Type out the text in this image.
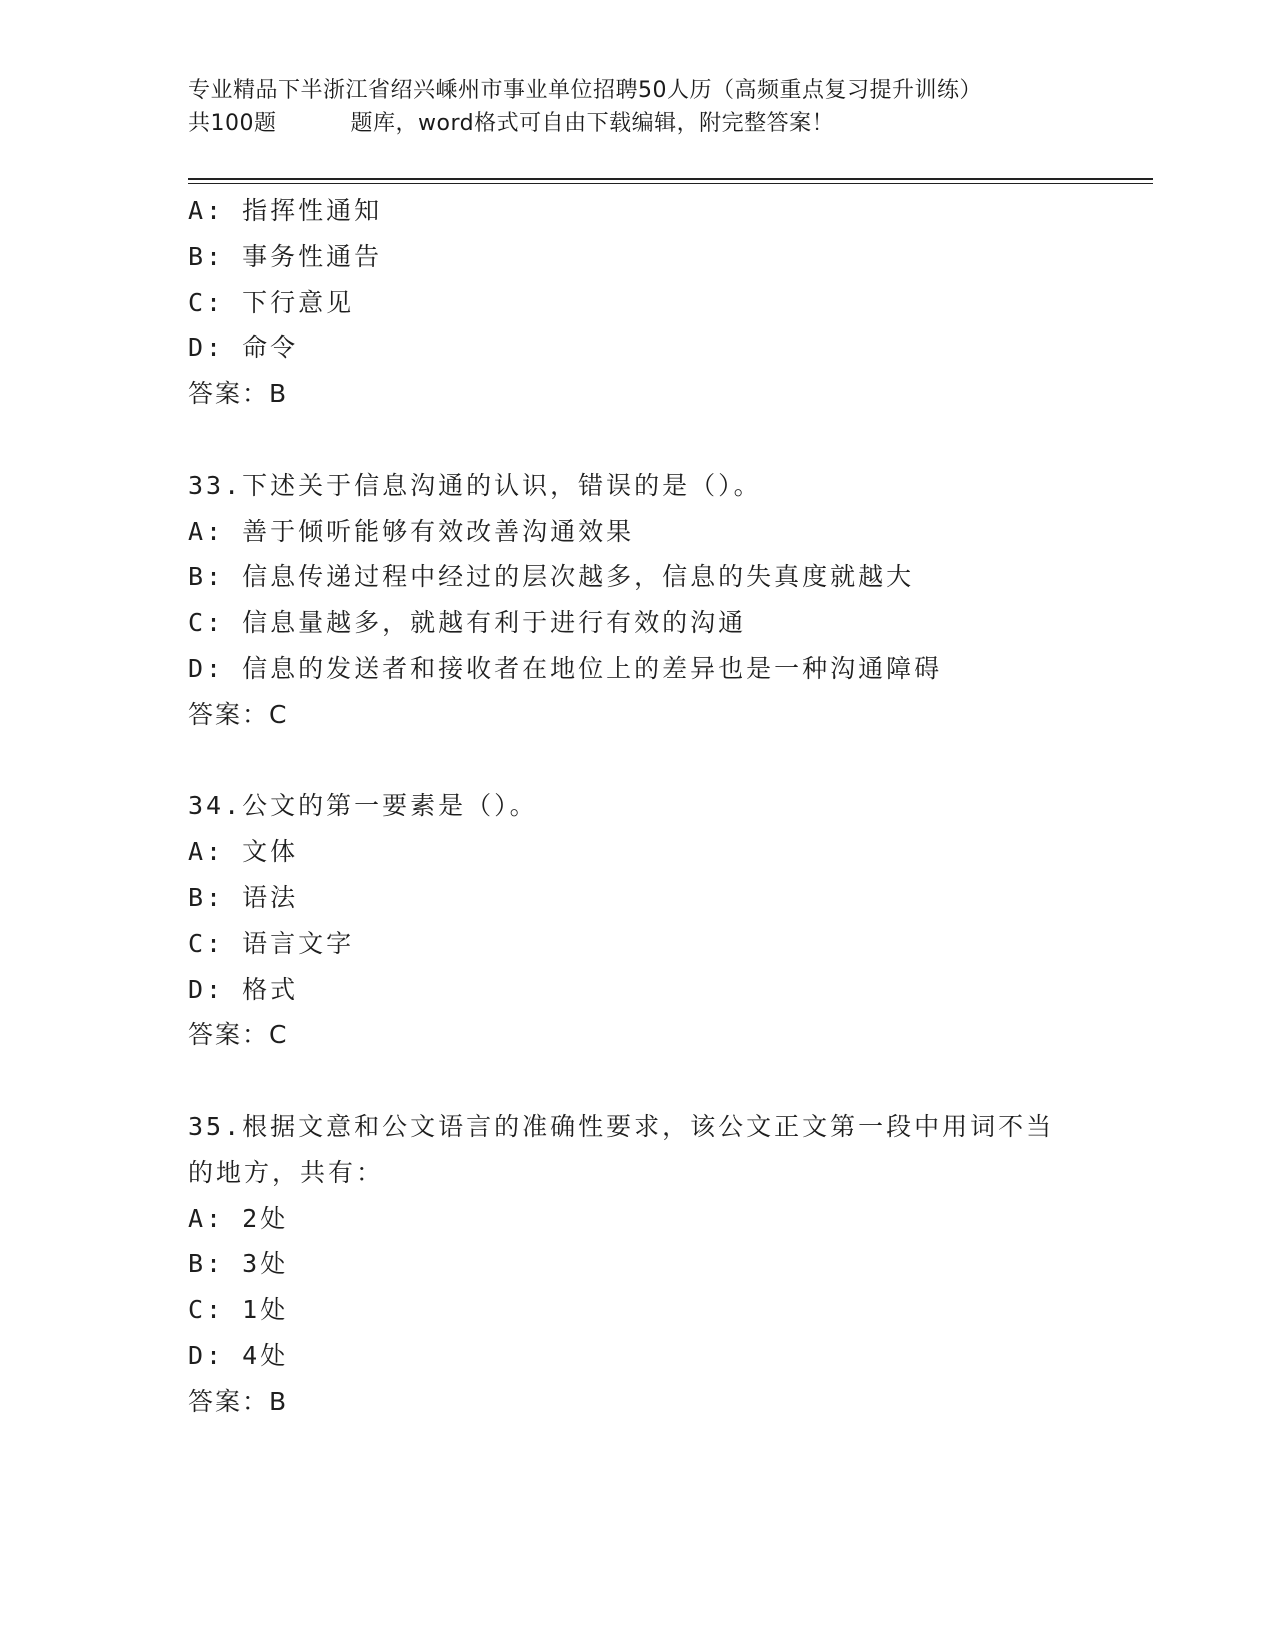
专业精品下半浙江省绍兴嵊州市事业单位招聘50人历（高频重点复习提升训练）
共100题	题库，word格式可自由下载编辑，附完整答案！
A: 指挥性通知
B: 事务性通告
C: 下行意见
D: 命令
答案：B
33.下述关于信息沟通的认识，错误的是（）。
A: 善于倾听能够有效改善沟通效果
B: 信息传递过程中经过的层次越多，信息的失真度就越大
C: 信息量越多，就越有利于进行有效的沟通
D: 信息的发送者和接收者在地位上的差异也是一种沟通障碍
答案：C
34.公文的第一要素是（）。
A: 文体
B: 语法
C: 语言文字
D: 格式
答案：C
35.根据文意和公文语言的准确性要求，该公文正文第一段中用词不当
的地方，共有：
A: 2处
B: 3处
C: 1处
D: 4处
答案：B
